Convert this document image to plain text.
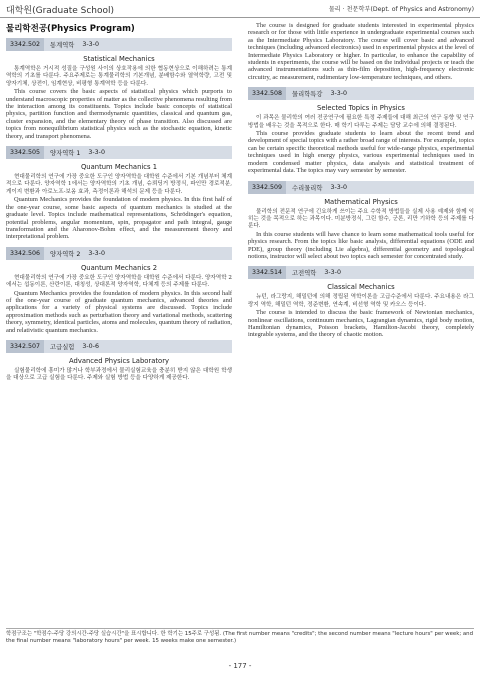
대학원(Graduate School)	물리 · 천문학부(Dept. of Physics and Astronomy)
물리학전공(Physics Program)
3342.502	통계역학 3-3-0
Statistical Mechanics

통계역학은 거시적 성질을 구성원 사이의 상호작용에 의한 협동현상으로 이해하려는 통계역학의 기초를 다룬다. 주요주제로는 통계물리학의 기본개념, 분배함수와 열역학량, 고전 및 양자기체, 상전이, 임계현상, 비평형 통계역학 등을 다룬다.

This course covers the basic aspects of statistical physics which purports to understand macroscopic properties of matter as the collective phenomena resulting from the interaction among its constituents. Topics include basic concepts of statistical physics, partition function and thermodynamic quantities, classical and quantum gas, cluster expansion, and the elementary theory of phase transition. Also discussed are topics from nonequilibrium statistical physics such as the stochastic equation, kinetic theory, and transport phenomena.

3342.505	양자역학 1 3-3-0
Quantum Mechanics 1

현대물리학의 연구에 가장 중요한 도구인 양자역학을 대학원 수준에서 기본 개념부터 체계적으로 다룬다. 양자역학 1에서는 양자역학의 기초 개념, 슈뢰딩거 방정식, 파인만 경로적분, 게이지 변환과 아로노프-보옴 효과, 측정이론과 해석의 문제 등을 다룬다.

Quantum Mechanics provides the foundation of modern physics. In this first half of the one-year course, some basic aspects of quantum mechanics is studied at the graduate level. Topics include mathematical representations, Schrödinger's equation, potential problems, angular momentum, spin, propagator and path integral, gauge transformation and the Aharonov-Bohm effect, and the measurement theory and interpretational problem.

3342.506	양자역학 2 3-3-0
Quantum Mechanics 2

현대물리학의 연구에 가장 중요한 도구인 양자역학을 대학원 수준에서 다룬다. 양자역학 2에서는 섭동이론, 산란이론, 대칭성, 상대론적 양자역학, 다체계 등의 주제를 다룬다.

Quantum Mechanics provides the foundation of modern physics. In this second half of the one-year course of graduate quantum mechanics, advanced theories and applications for a variety of physical systems are discussed. Topics include approximation methods such as perturbation theory and variational methods, scattering theory, symmetry, identical particles, atoms and molecules, quantum theory of radiation, and relativistic quantum mechanics.

3342.507	고급실험 3-0-6
Advanced Physics Laboratory

실험물리학에 흥미가 많거나 학부과정에서 물리실험교육을 충분히 받지 않은 대학원 학생을 대상으로 고급 실험을 다룬다. 주제와 실험 방법 등을 다양하게 제공한다.

The course is designed for graduate students interested in experimental physics research or for those with little experience in undergraduate experimental courses such as the Intermediate Physics Laboratory. The course will cover basic and advanced techniques (including advanced electronics) used in experimental physics at the level of Intermediate Physics Laboratory or higher. In particular, to enhance the capability of students in experiments, the course will be based on the individual projects or teach the advanced instrumentations such as thin-film deposition, high-frequency electronic circuitry, ac measurement, rudimentary low-temperature techniques, and others.

3342.508	물리학특강 3-3-0
Selected Topics in Physics

이 과목은 물리학의 여러 전공연구에 필요한 특정 주제들에 대해 최근의 연구 동향 및 연구 방법을 배우는 것을 목적으로 한다. 매 학기 다루는 주제는 담당 교수에 의해 결정된다.

This course provides graduate students to learn about the recent trend and development of special topics with a rather broad range of interests. For example, topics can be certain specific theoretical methods useful for wide-range physics, experimental techniques used in high energy physics, various experimental techniques used in modern condensed matter physics, data analysis and statistical treatment of experimental data. The topics may vary semester by semester.

3342.509	수리물리학 3-3-0
Mathematical Physics

물리학의 전문적 연구에 긴요하게 쓰이는 주요 수학적 방법들을 실제 사용 예제와 함께 익히는 것을 목적으로 하는 과목이다. 미분방정식, 그린 함수, 군론, 리만 기하학 등의 주제를 다룬다.

In this course students will have chance to learn some mathematical tools useful for physics research. From the topics like basic analysis, differential equations (ODE and PDE), group theory (including Lie algebra), differential geometry and topological notions, instructor will select about two topics each semester for concentrated study.

3342.514	고전역학 3-3-0
Classical Mechanics

뉴턴, 라그랑지, 해밀턴에 의해 정립된 역학이론을 고급수준에서 다룬다. 주요내용은 라그랑지 역학, 해밀턴 역학, 정준변환, 연속계, 비선형 역학 및 카오스 등이다.

The course is intended to discuss the basic framework of Newtonian mechanics, nonlinear oscillations, continuum mechanics, Lagrangian dynamics, rigid body motion, Hamiltonian dynamics, Poisson brackets, Hamilton-Jacobi theory, completely integrable systems, and the theory of chaotic motion.

학점구조는 "학점수-주당 강의시간-주당 실습시간"을 표시합니다. 한 학기는 15주로 구성됨. (The first number means "credits"; the second number means "lecture hours" per week; and the final number means "laboratory hours" per week. 15 weeks make one semester.)
- 177 -
